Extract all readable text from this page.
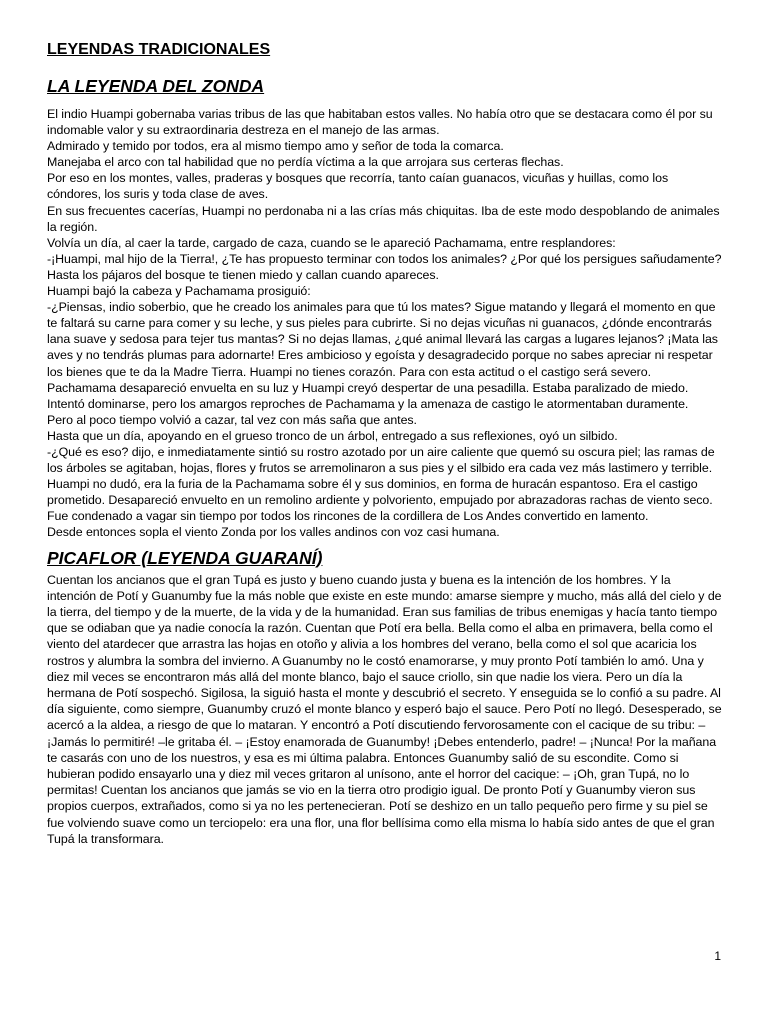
LEYENDAS TRADICIONALES
LA LEYENDA DEL ZONDA

El indio Huampi gobernaba varias tribus de las que habitaban estos valles. No había otro que se destacara como él por su indomable valor y su extraordinaria destreza en el manejo de las armas.

Admirado y temido por todos, era al mismo tiempo amo y señor de toda la comarca.

Manejaba el arco con tal habilidad que no perdía víctima a la que arrojara sus certeras flechas.

Por eso en los montes, valles, praderas y bosques que recorría, tanto caían guanacos, vicuñas y huillas, como los cóndores, los suris y toda clase de aves.

En sus frecuentes cacerías, Huampi no perdonaba ni a las crías más chiquitas. Iba de este modo despoblando de animales la región.

Volvía un día, al caer la tarde, cargado de caza, cuando se le apareció Pachamama, entre resplandores:

-¡Huampi, mal hijo de la Tierra!, ¿Te has propuesto terminar con todos los animales? ¿Por qué los persigues sañudamente? Hasta los pájaros del bosque te tienen miedo y callan cuando apareces.

Huampi bajó la cabeza y Pachamama prosiguió:

-¿Piensas, indio soberbio, que he creado los animales para que tú los mates? Sigue matando y llegará el momento en que te faltará su carne para comer y su leche, y sus pieles para cubrirte. Si no dejas vicuñas ni guanacos, ¿dónde encontrarás lana suave y sedosa para tejer tus mantas? Si no dejas llamas, ¿qué animal llevará las cargas a lugares lejanos? ¡Mata las aves y no tendrás plumas para adornarte! Eres ambicioso y egoísta y desagradecido porque no sabes apreciar ni respetar los bienes que te da la Madre Tierra. Huampi no tienes corazón. Para con esta actitud o el castigo será severo.

Pachamama desapareció envuelta en su luz y Huampi creyó despertar de una pesadilla. Estaba paralizado de miedo. Intentó dominarse, pero los amargos reproches de Pachamama y la amenaza de castigo le atormentaban duramente.

Pero al poco tiempo volvió a cazar, tal vez con más saña que antes.

Hasta que un día, apoyando en el grueso tronco de un árbol, entregado a sus reflexiones, oyó un silbido.

-¿Qué es eso? dijo, e inmediatamente sintió su rostro azotado por un aire caliente que quemó su oscura piel; las ramas de los árboles se agitaban, hojas, flores y frutos se arremolinaron a sus pies y el silbido era cada vez más lastimero y terrible.

Huampi no dudó, era la furia de la Pachamama sobre él y sus dominios, en forma de huracán espantoso. Era el castigo prometido. Desapareció envuelto en un remolino ardiente y polvoriento, empujado por abrazadoras rachas de viento seco. Fue condenado a vagar sin tiempo por todos los rincones de la cordillera de Los Andes convertido en lamento.

Desde entonces sopla el viento Zonda por los valles andinos con voz casi humana.

PICAFLOR (LEYENDA GUARANÍ)

Cuentan los ancianos que el gran Tupá es justo y bueno cuando justa y buena es la intención de los hombres. Y la intención de Potí y Guanumby fue la más noble que existe en este mundo: amarse siempre y mucho, más allá del cielo y de la tierra, del tiempo y de la muerte, de la vida y de la humanidad. Eran sus familias de tribus enemigas y hacía tanto tiempo que se odiaban que ya nadie conocía la razón. Cuentan que Potí era bella. Bella como el alba en primavera, bella como el viento del atardecer que arrastra las hojas en otoño y alivia a los hombres del verano, bella como el sol que acaricia los rostros y alumbra la sombra del invierno. A Guanumby no le costó enamorarse, y muy pronto Potí también lo amó. Una y diez mil veces se encontraron más allá del monte blanco, bajo el sauce criollo, sin que nadie los viera. Pero un día la hermana de Potí sospechó. Sigilosa, la siguió hasta el monte y descubrió el secreto. Y enseguida se lo confió a su padre. Al día siguiente, como siempre, Guanumby cruzó el monte blanco y esperó bajo el sauce. Pero Potí no llegó. Desesperado, se acercó a la aldea, a riesgo de que lo mataran. Y encontró a Potí discutiendo fervorosamente con el cacique de su tribu: – ¡Jamás lo permitiré! –le gritaba él. – ¡Estoy enamorada de Guanumby! ¡Debes entenderlo, padre! – ¡Nunca! Por la mañana te casarás con uno de los nuestros, y esa es mi última palabra. Entonces Guanumby salió de su escondite. Como si hubieran podido ensayarlo una y diez mil veces gritaron al unísono, ante el horror del cacique: – ¡Oh, gran Tupá, no lo permitas! Cuentan los ancianos que jamás se vio en la tierra otro prodigio igual. De pronto Potí y Guanumby vieron sus propios cuerpos, extrañados, como si ya no les pertenecieran. Potí se deshizo en un tallo pequeño pero firme y su piel se fue volviendo suave como un terciopelo: era una flor, una flor bellísima como ella misma lo había sido antes de que el gran Tupá la transformara.

1
